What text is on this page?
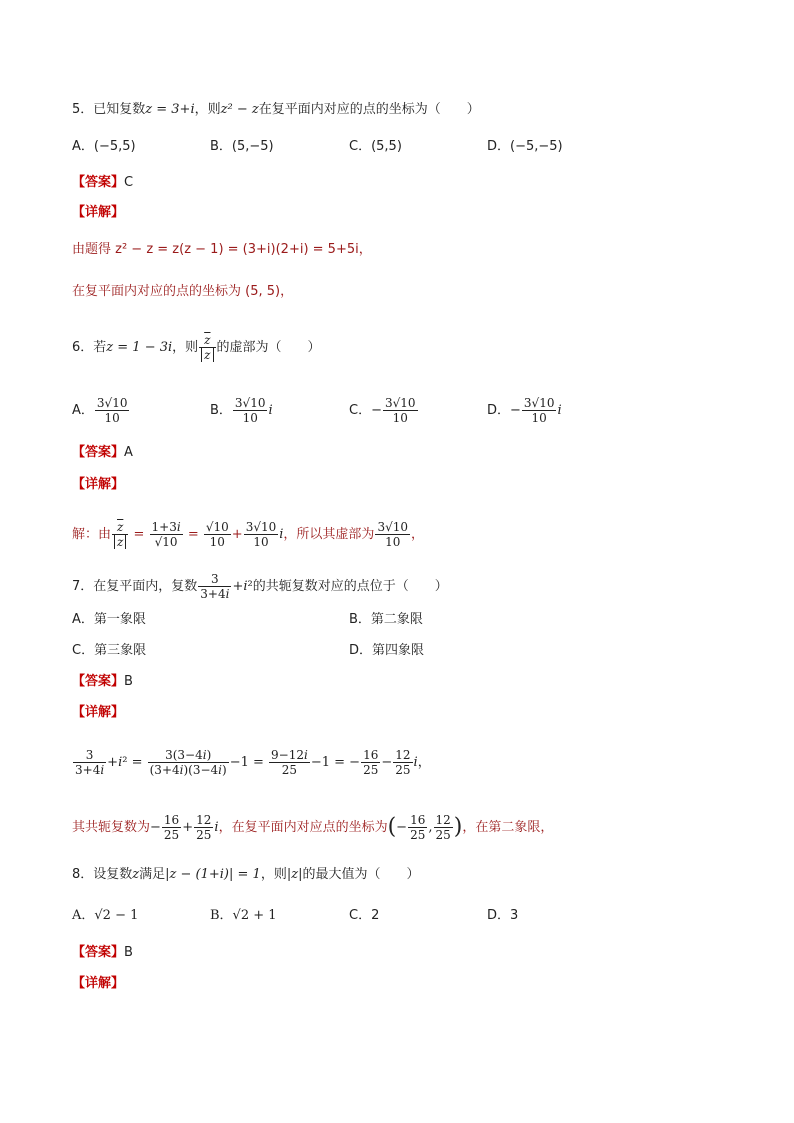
5．已知复数z = 3+i，则z² − z在复平面内对应的点的坐标为（　　）
A．(−5,5)	B．(5,−5)	C．(5,5)	D．(−5,−5)
【答案】C
【详解】
由题得 z² − z = z(z − 1) = (3+i)(2+i) = 5+5i，
在复平面内对应的点的坐标为 (5, 5)，
6．若z = 1 − 3i，则 $\frac{\overline{z}}{z}$ 的虚部为（　　）
A． $\frac{3√10}{10}$	B． $\frac{3√10}{10}$ i	C．− $\frac{3√10}{10}$	D．− $\frac{3√10}{10}$ i
【答案】A
【详解】
解：由 $\frac{\overline{z}}{z} = \frac{1+3i}{√10} = \frac{√10}{10} + \frac{3√10}{10}$ i，所以其虚部为 $\frac{3√10}{10}$ ，
7．在复平面内，复数 $\frac{3}{3+4i} +i^2$的共轭复数对应的点位于（　　）
A．第一象限	B．第二象限
C．第三象限	D．第四象限
【答案】B
【详解】
$\frac{3}{3+4i} +i^2 = \frac{3(3-4i)}{(3+4i)(3-4i)} -1 = \frac{9-12i}{25} -1$ = − $\frac{16}{25} - \frac{12}{25}$ i，
其共轭复数为− $\frac{16}{25} + \frac{12}{25}$ i，在复平面内对应点的坐标为(− $\frac{16}{25}$ , $\frac{12}{25}$ )，在第二象限，
8．设复数z满足|z − (1+i)| = 1，则|z|的最大值为（　　）
A．√2 − 1	B．√2 + 1	C．2	D．3
【答案】B
【详解】
